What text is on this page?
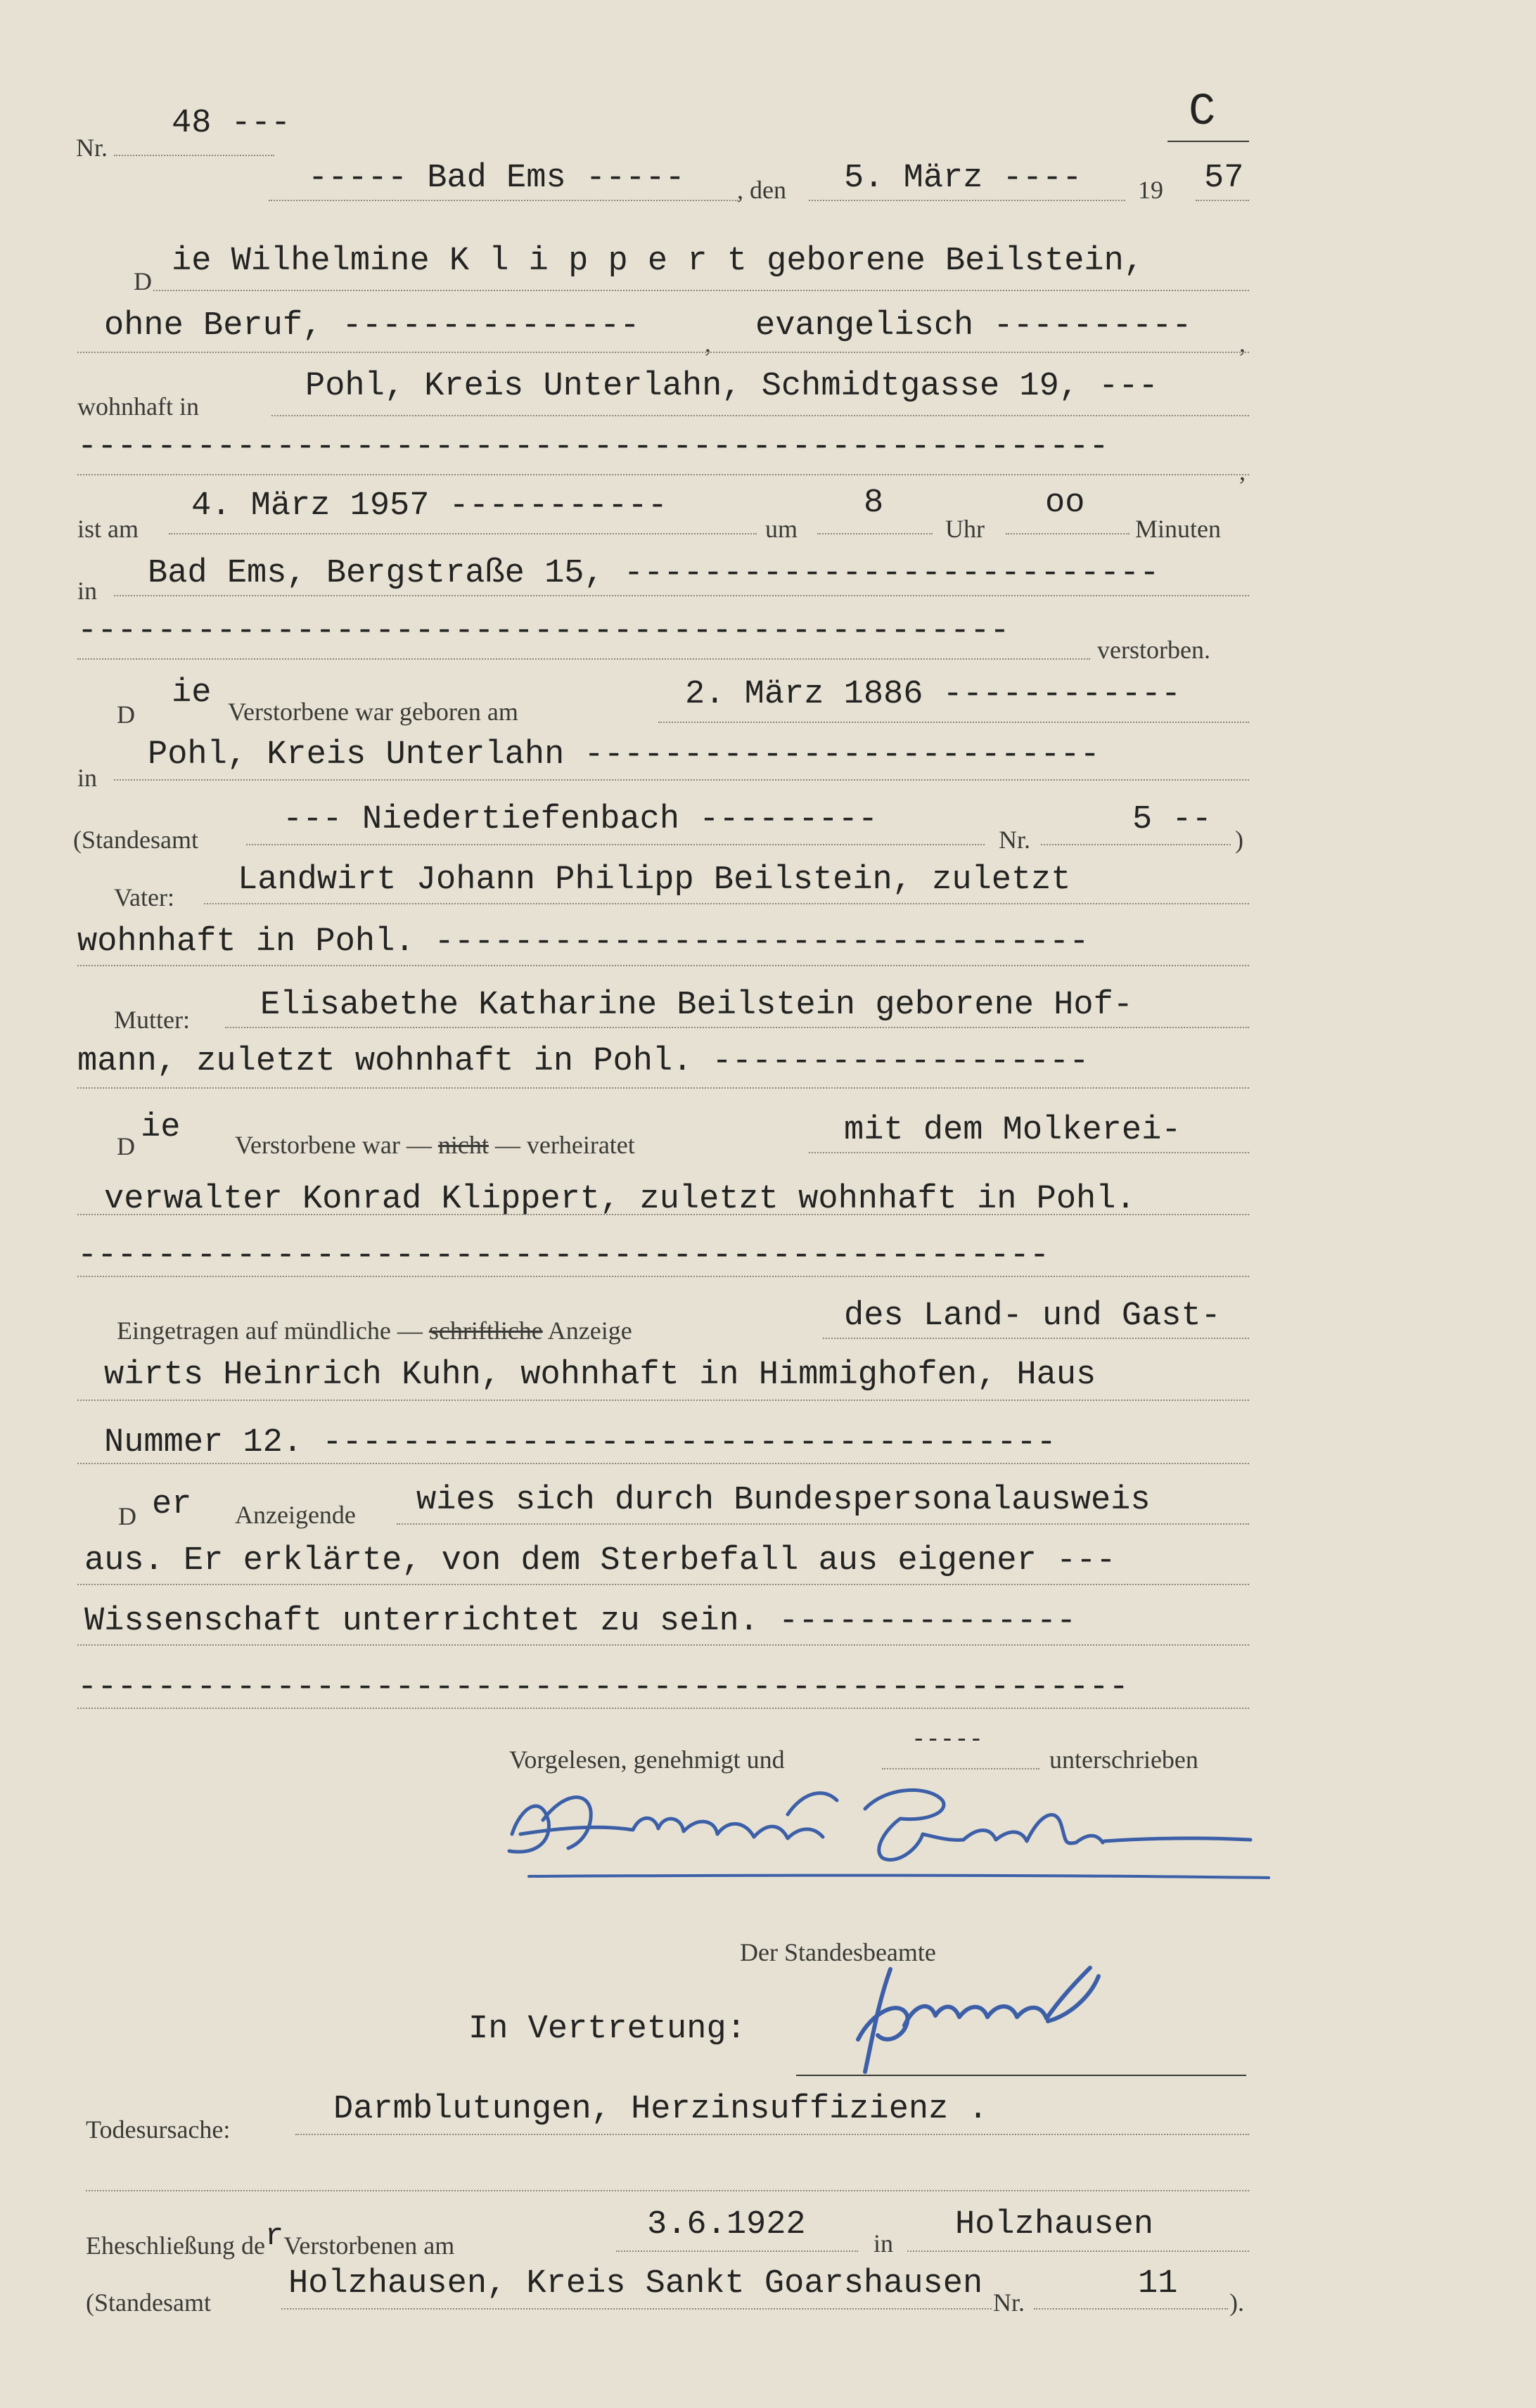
Nr.
48 ---	C
----- Bad Ems ----- , den 5. März ---- 19 57
D
ie Wilhelmine K l i p p e r t geborene Beilstein,
ohne Beruf, --------------- , evangelisch ---------- ,
wohnhaft in
Pohl, Kreis Unterlahn, Schmidtgasse 19, ---
----------------------------------------------------
,
ist am
4. März 1957 -----------
um
8
Uhr
oo
Minuten
in Bad Ems, Bergstraße 15, ---------------------------
-----------------------------------------------	verstorben.
D
ie Verstorbene war geboren am	2. März 1886 ------------
in
Pohl, Kreis Unterlahn --------------------------
(Standesamt
--- Niedertiefenbach ---------
Nr.
5 --
)
Vater: Landwirt Johann Philipp Beilstein, zuletzt
wohnhaft in Pohl. ---------------------------------
Mutter: Elisabethe Katharine Beilstein geborene Hof-
mann, zuletzt wohnhaft in Pohl. -------------------
D ie Verstorbene war — nicht — verheiratet	mit dem Molkerei-
verwalter Konrad Klippert, zuletzt wohnhaft in Pohl.
-------------------------------------------------
Eingetragen auf mündliche — schriftliche Anzeige	des Land- und Gast-
wirts Heinrich Kuhn, wohnhaft in Himmighofen, Haus
Nummer 12. -------------------------------------
D er Anzeigende wies sich durch Bundespersonalausweis
aus. Er erklärte, von dem Sterbefall aus eigener ---
Wissenschaft unterrichtet zu sein. ---------------
-----------------------------------------------------
Vorgelesen, genehmigt und
-----
unterschrieben
Der Standesbeamte
In Vertretung:
Todesursache:
Darmblutungen, Herzinsuffizienz .
Eheschließung derVerstorbenen am
3.6.1922	in Holzhausen
(Standesamt Holzhausen, Kreis Sankt Goarshausen Nr.	11 ).
